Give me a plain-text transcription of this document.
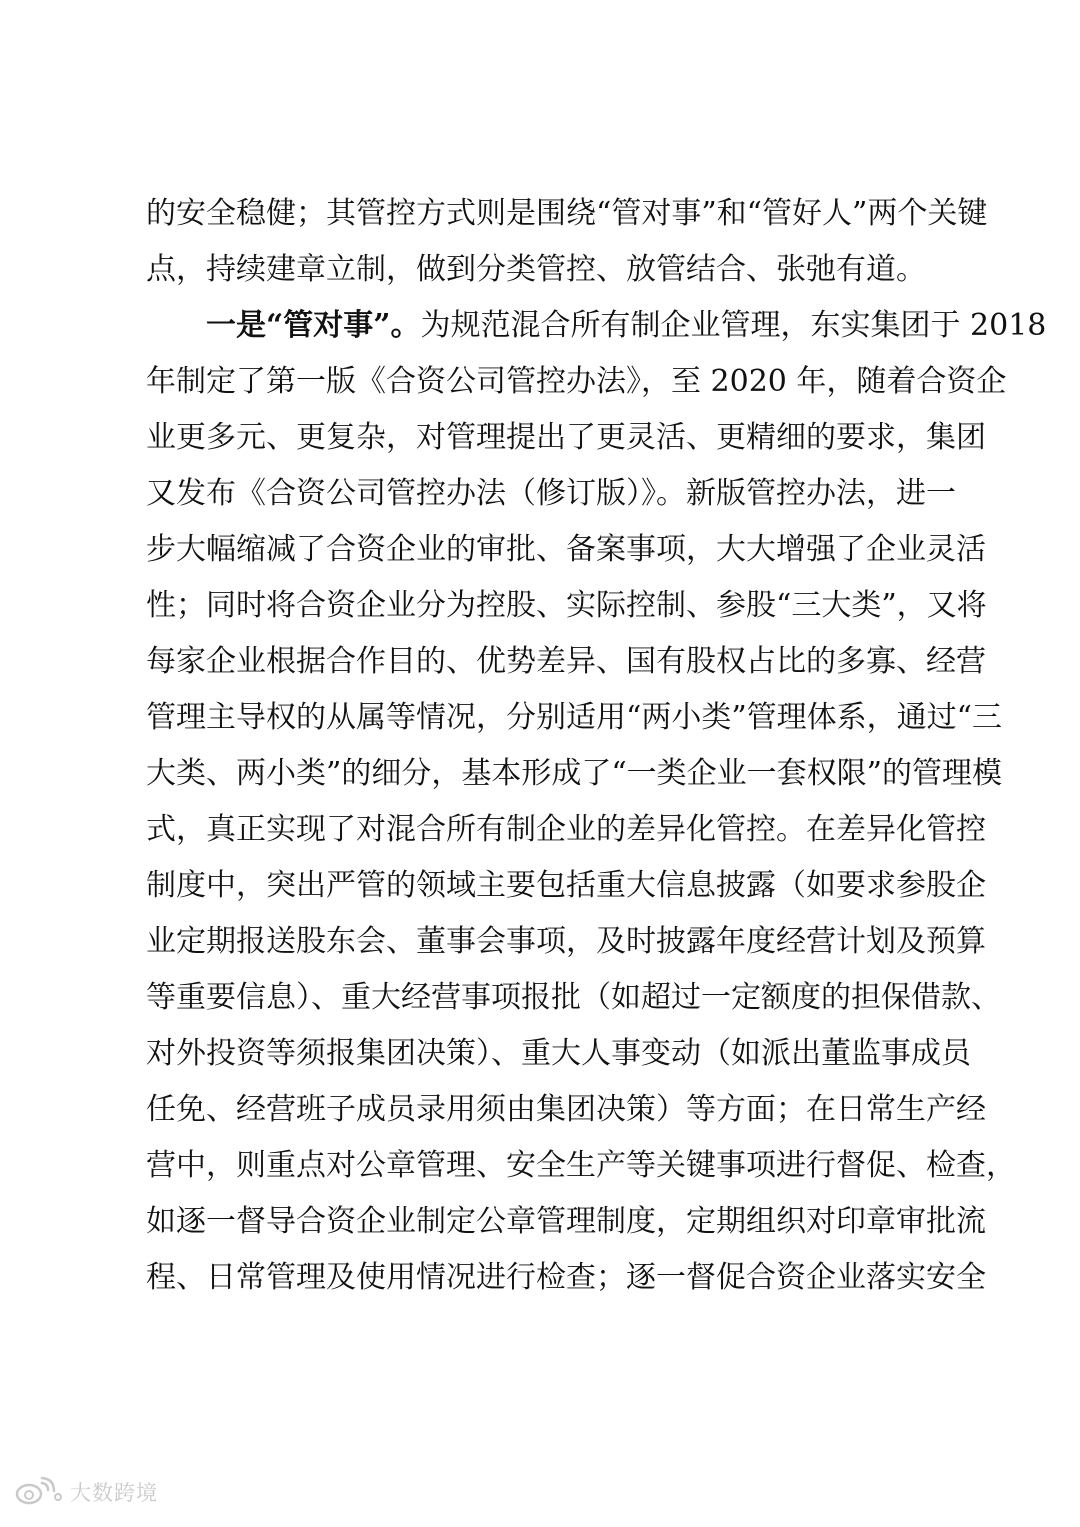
的安全稳健；其管控方式则是围绕“管对事”和“管好人”两个关键
点，持续建章立制，做到分类管控、放管结合、张弛有道。
一是“管对事”。为规范混合所有制企业管理，东实集团于 2018
年制定了第一版《合资公司管控办法》，至 2020 年，随着合资企
业更多元、更复杂，对管理提出了更灵活、更精细的要求，集团
又发布《合资公司管控办法（修订版）》。新版管控办法，进一
步大幅缩减了合资企业的审批、备案事项，大大增强了企业灵活
性；同时将合资企业分为控股、实际控制、参股“三大类”，又将
每家企业根据合作目的、优势差异、国有股权占比的多寡、经营
管理主导权的从属等情况，分别适用“两小类”管理体系，通过“三
大类、两小类”的细分，基本形成了“一类企业一套权限”的管理模
式，真正实现了对混合所有制企业的差异化管控。在差异化管控
制度中，突出严管的领域主要包括重大信息披露（如要求参股企
业定期报送股东会、董事会事项，及时披露年度经营计划及预算
等重要信息）、重大经营事项报批（如超过一定额度的担保借款、
对外投资等须报集团决策）、重大人事变动（如派出董监事成员
任免、经营班子成员录用须由集团决策）等方面；在日常生产经
营中，则重点对公章管理、安全生产等关键事项进行督促、检查，
如逐一督导合资企业制定公章管理制度，定期组织对印章审批流
程、日常管理及使用情况进行检查；逐一督促合资企业落实安全
大数跨境
